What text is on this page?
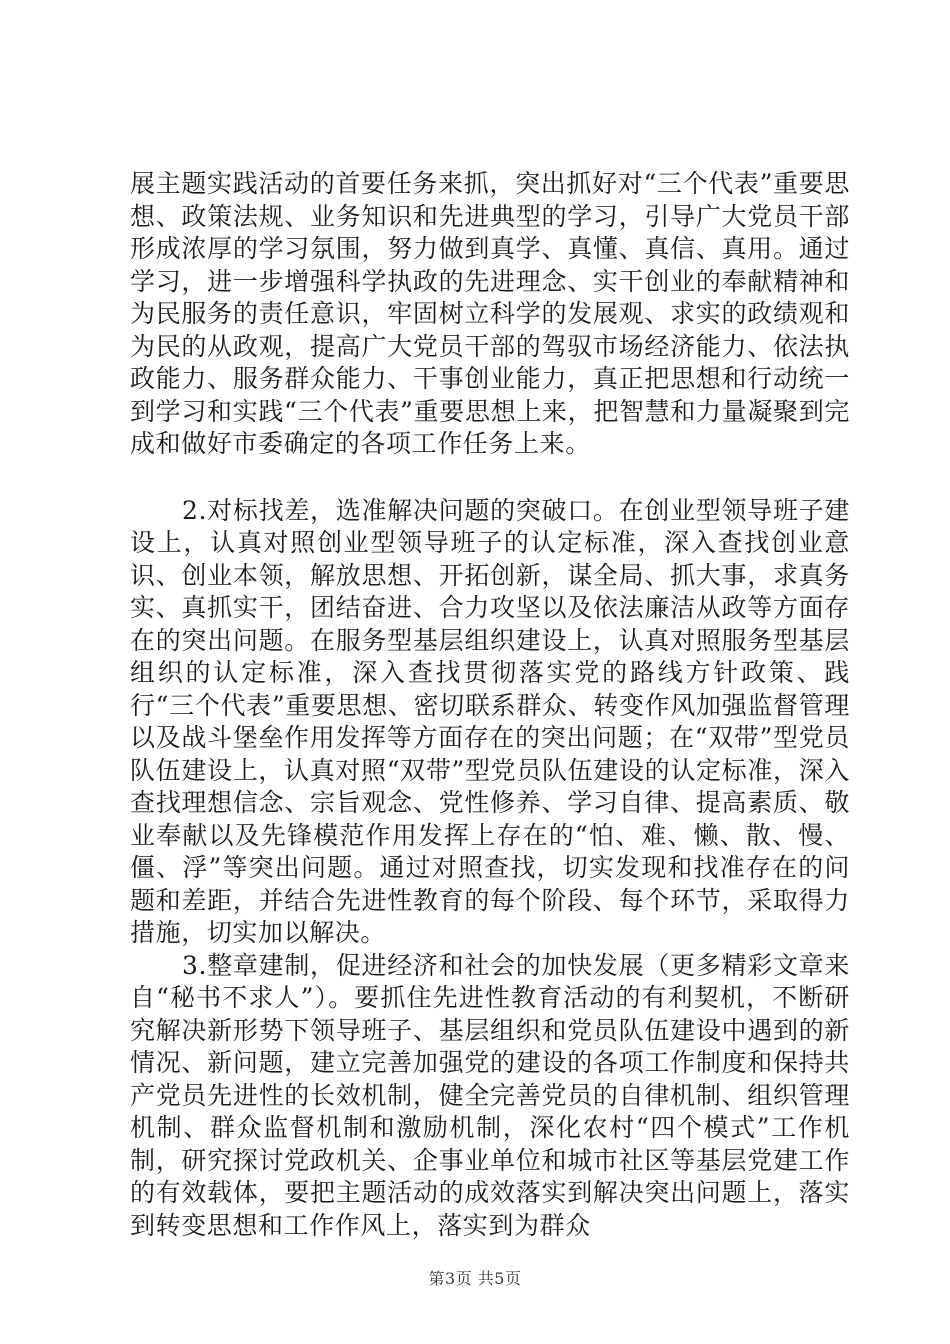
展主题实践活动的首要任务来抓，突出抓好对“三个代表”重要思想、政策法规、业务知识和先进典型的学习，引导广大党员干部形成浓厚的学习氛围，努力做到真学、真懂、真信、真用。通过学习，进一步增强科学执政的先进理念、实干创业的奉献精神和为民服务的责任意识，牢固树立科学的发展观、求实的政绩观和为民的从政观，提高广大党员干部的驾驭市场经济能力、依法执政能力、服务群众能力、干事创业能力，真正把思想和行动统一到学习和实践“三个代表”重要思想上来，把智慧和力量凝聚到完成和做好市委确定的各项工作任务上来。

2.对标找差，选准解决问题的突破口。在创业型领导班子建设上，认真对照创业型领导班子的认定标准，深入查找创业意识、创业本领，解放思想、开拓创新，谋全局、抓大事，求真务实、真抓实干，团结奋进、合力攻坚以及依法廉洁从政等方面存在的突出问题。在服务型基层组织建设上，认真对照服务型基层组织的认定标准，深入查找贯彻落实党的路线方针政策、践行“三个代表”重要思想、密切联系群众、转变作风加强监督管理以及战斗堡垒作用发挥等方面存在的突出问题；在“双带”型党员队伍建设上，认真对照“双带”型党员队伍建设的认定标准，深入查找理想信念、宗旨观念、党性修养、学习自律、提高素质、敬业奉献以及先锋模范作用发挥上存在的“怕、难、懒、散、慢、僵、浮”等突出问题。通过对照查找，切实发现和找准存在的问题和差距，并结合先进性教育的每个阶段、每个环节，采取得力措施，切实加以解决。

3.整章建制，促进经济和社会的加快发展（更多精彩文章来自“秘书不求人”）。要抓住先进性教育活动的有利契机，不断研究解决新形势下领导班子、基层组织和党员队伍建设中遇到的新情况、新问题，建立完善加强党的建设的各项工作制度和保持共产党员先进性的长效机制，健全完善党员的自律机制、组织管理机制、群众监督机制和激励机制，深化农村“四个模式”工作机制，研究探讨党政机关、企事业单位和城市社区等基层党建工作的有效载体，要把主题活动的成效落实到解决突出问题上，落实到转变思想和工作作风上，落实到为群众

第3页 共5页
